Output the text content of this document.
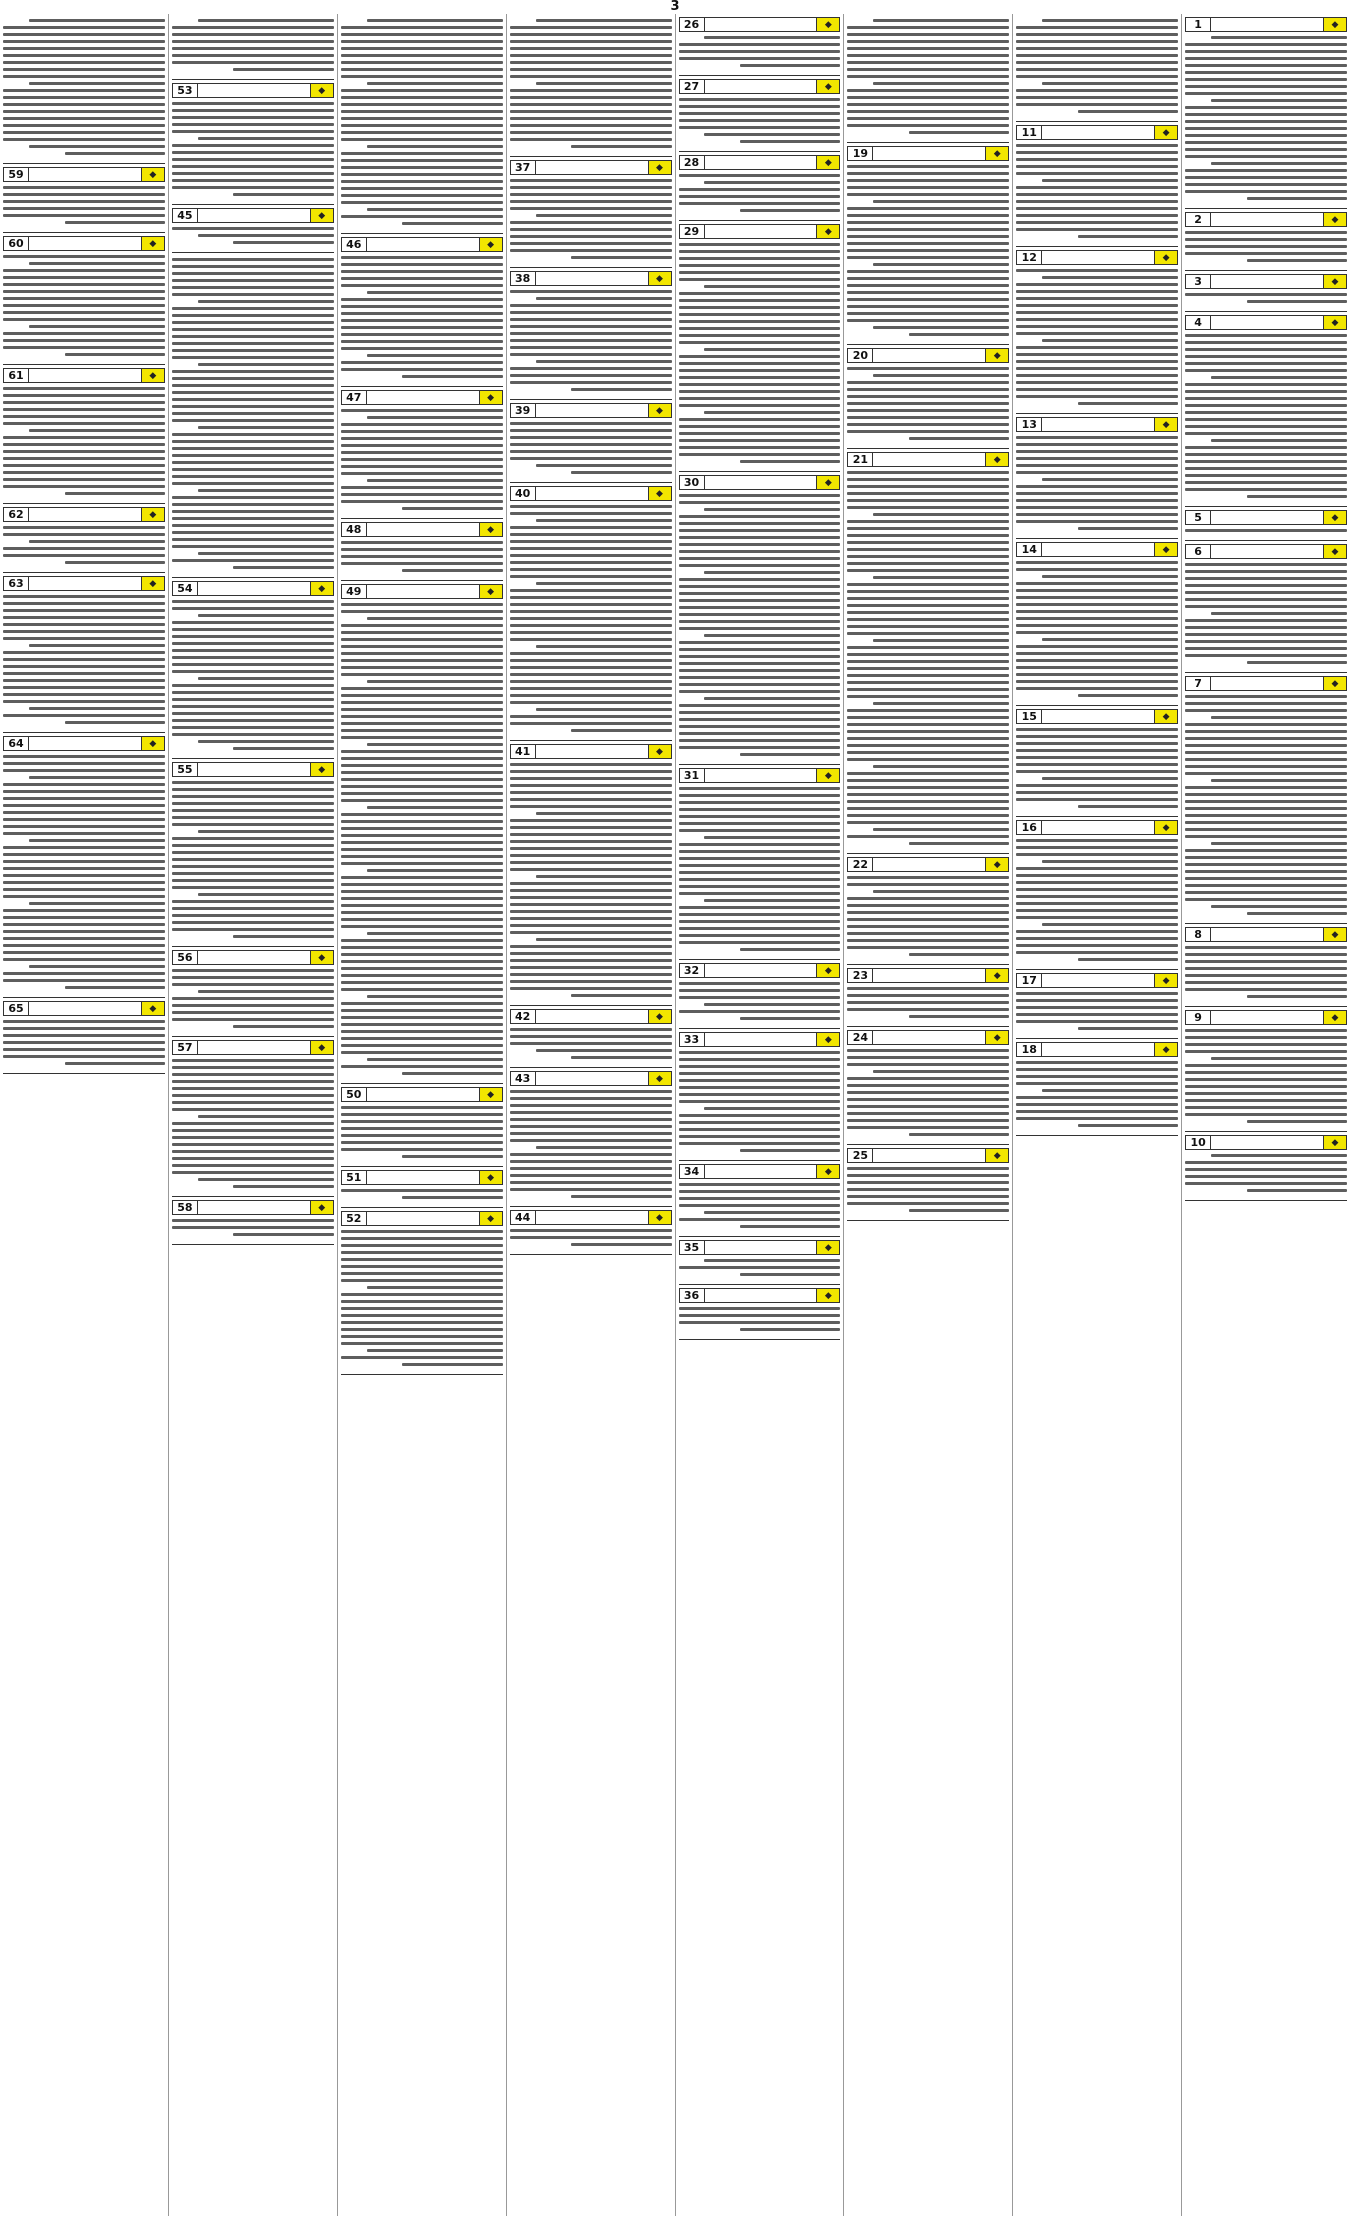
3
◆
1
◆
2
◆
3
◆
4
◆
5
◆
6
◆
7
◆
8
◆
9
◆
10
◆
11
◆
12
◆
13
◆
14
◆
15
◆
16
◆
17
◆
18
◆
19
◆
20
◆
21
◆
22
◆
23
◆
24
◆
25
◆
26
◆
27
◆
28
◆
29
◆
30
◆
31
◆
32
◆
33
◆
34
◆
35
◆
36
◆
37
◆
38
◆
39
◆
40
◆
41
◆
42
◆
43
◆
44
◆
46
◆
47
◆
48
◆
49
◆
50
◆
51
◆
52
◆
53
◆
45
◆
54
◆
55
◆
56
◆
57
◆
58
◆
59
◆
60
◆
61
◆
62
◆
63
◆
64
◆
65
